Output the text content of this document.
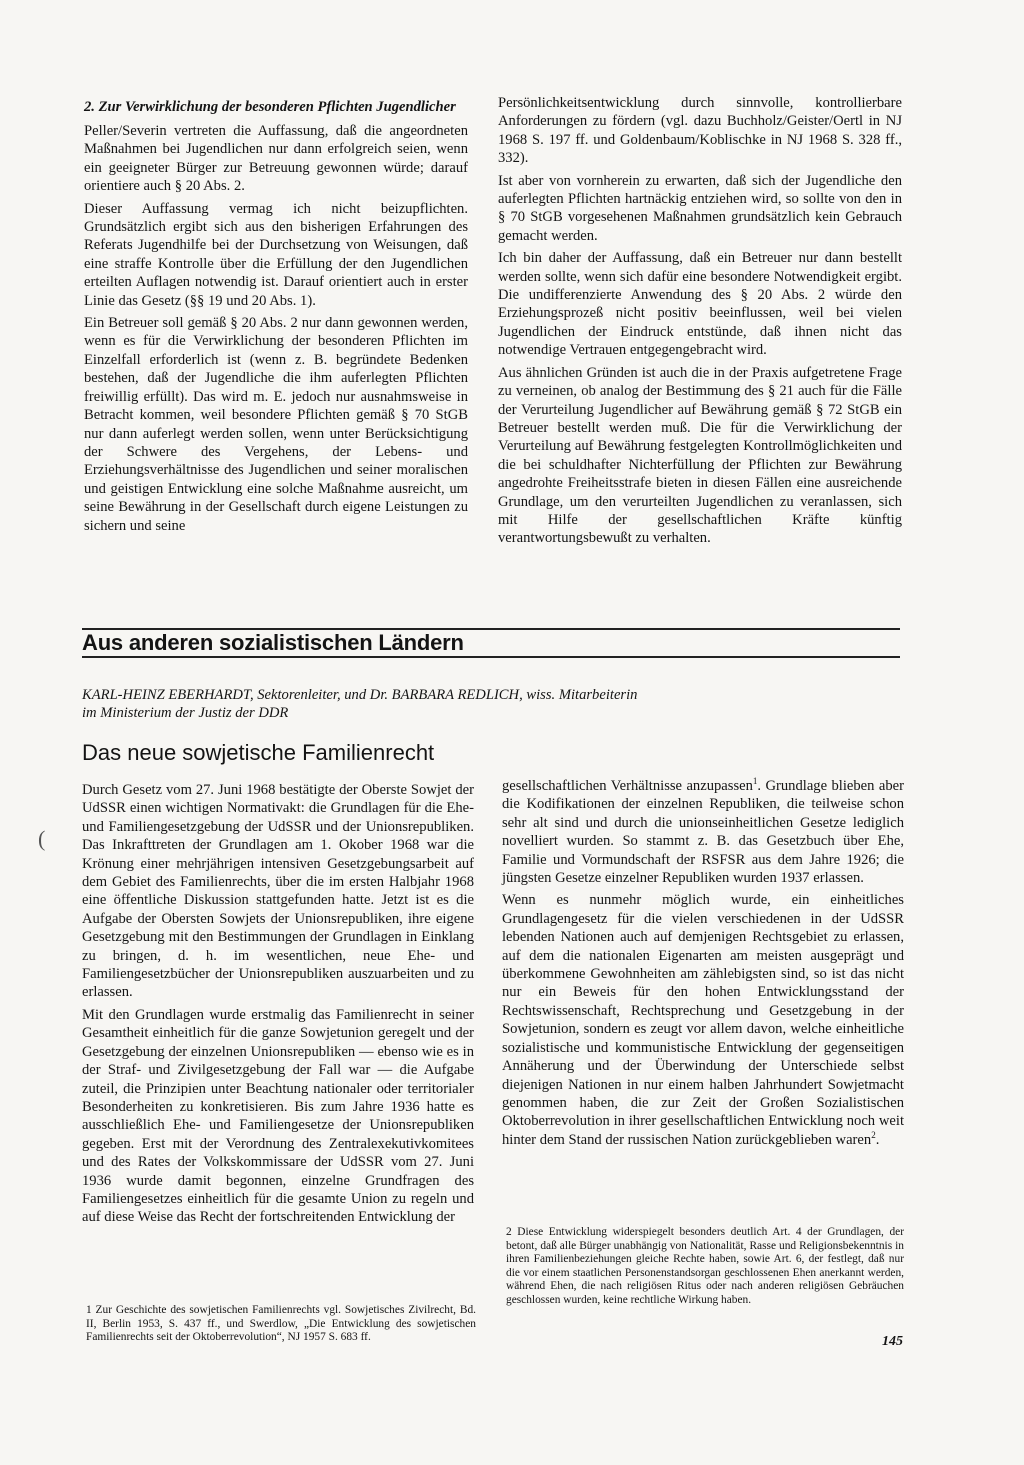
2. Zur Verwirklichung der besonderen Pflichten Jugendlicher

Peller/Severin vertreten die Auffassung, daß die angeordneten Maßnahmen bei Jugendlichen nur dann erfolgreich seien, wenn ein geeigneter Bürger zur Betreuung gewonnen würde; darauf orientiere auch § 20 Abs. 2.

Dieser Auffassung vermag ich nicht beizupflichten. Grundsätzlich ergibt sich aus den bisherigen Erfahrungen des Referats Jugendhilfe bei der Durchsetzung von Weisungen, daß eine straffe Kontrolle über die Erfüllung der den Jugendlichen erteilten Auflagen notwendig ist. Darauf orientiert auch in erster Linie das Gesetz (§§ 19 und 20 Abs. 1).

Ein Betreuer soll gemäß § 20 Abs. 2 nur dann gewonnen werden, wenn es für die Verwirklichung der besonderen Pflichten im Einzelfall erforderlich ist (wenn z. B. begründete Bedenken bestehen, daß der Jugendliche die ihm auferlegten Pflichten freiwillig erfüllt). Das wird m. E. jedoch nur ausnahmsweise in Betracht kommen, weil besondere Pflichten gemäß § 70 StGB nur dann auferlegt werden sollen, wenn unter Berücksichtigung der Schwere des Vergehens, der Lebens- und Erziehungsverhältnisse des Jugendlichen und seiner moralischen und geistigen Entwicklung eine solche Maßnahme ausreicht, um seine Bewährung in der Gesellschaft durch eigene Leistungen zu sichern und seine

Persönlichkeitsentwicklung durch sinnvolle, kontrollierbare Anforderungen zu fördern (vgl. dazu Buchholz/Geister/Oertl in NJ 1968 S. 197 ff. und Goldenbaum/Koblischke in NJ 1968 S. 328 ff., 332).

Ist aber von vornherein zu erwarten, daß sich der Jugendliche den auferlegten Pflichten hartnäckig entziehen wird, so sollte von den in § 70 StGB vorgesehenen Maßnahmen grundsätzlich kein Gebrauch gemacht werden.

Ich bin daher der Auffassung, daß ein Betreuer nur dann bestellt werden sollte, wenn sich dafür eine besondere Notwendigkeit ergibt. Die undifferenzierte Anwendung des § 20 Abs. 2 würde den Erziehungsprozeß nicht positiv beeinflussen, weil bei vielen Jugendlichen der Eindruck entstünde, daß ihnen nicht das notwendige Vertrauen entgegengebracht wird.

Aus ähnlichen Gründen ist auch die in der Praxis aufgetretene Frage zu verneinen, ob analog der Bestimmung des § 21 auch für die Fälle der Verurteilung Jugendlicher auf Bewährung gemäß § 72 StGB ein Betreuer bestellt werden muß. Die für die Verwirklichung der Verurteilung auf Bewährung festgelegten Kontrollmöglichkeiten und die bei schuldhafter Nichterfüllung der Pflichten zur Bewährung angedrohte Freiheitsstrafe bieten in diesen Fällen eine ausreichende Grundlage, um den verurteilten Jugendlichen zu veranlassen, sich mit Hilfe der gesellschaftlichen Kräfte künftig verantwortungsbewußt zu verhalten.

Aus anderen sozialistischen Ländern
KARL-HEINZ EBERHARDT, Sektorenleiter, und Dr. BARBARA REDLICH, wiss. Mitarbeiterin
im Ministerium der Justiz der DDR
Das neue sowjetische Familienrecht

Durch Gesetz vom 27. Juni 1968 bestätigte der Oberste Sowjet der UdSSR einen wichtigen Normativakt: die Grundlagen für die Ehe- und Familiengesetzgebung der UdSSR und der Unionsrepubliken. Das Inkrafttreten der Grundlagen am 1. Okober 1968 war die Krönung einer mehrjährigen intensiven Gesetzgebungsarbeit auf dem Gebiet des Familienrechts, über die im ersten Halbjahr 1968 eine öffentliche Diskussion stattgefunden hatte. Jetzt ist es die Aufgabe der Obersten Sowjets der Unionsrepubliken, ihre eigene Gesetzgebung mit den Bestimmungen der Grundlagen in Einklang zu bringen, d. h. im wesentlichen, neue Ehe- und Familiengesetzbücher der Unionsrepubliken auszuarbeiten und zu erlassen.

Mit den Grundlagen wurde erstmalig das Familienrecht in seiner Gesamtheit einheitlich für die ganze Sowjetunion geregelt und der Gesetzgebung der einzelnen Unionsrepubliken — ebenso wie es in der Straf- und Zivilgesetzgebung der Fall war — die Aufgabe zuteil, die Prinzipien unter Beachtung nationaler oder territorialer Besonderheiten zu konkretisieren. Bis zum Jahre 1936 hatte es ausschließlich Ehe- und Familiengesetze der Unionsrepubliken gegeben. Erst mit der Verordnung des Zentralexekutivkomitees und des Rates der Volkskommissare der UdSSR vom 27. Juni 1936 wurde damit begonnen, einzelne Grundfragen des Familiengesetzes einheitlich für die gesamte Union zu regeln und auf diese Weise das Recht der fortschreitenden Entwicklung der

gesellschaftlichen Verhältnisse anzupassen$^1$. Grundlage blieben aber die Kodifikationen der einzelnen Republiken, die teilweise schon sehr alt sind und durch die unionseinheitlichen Gesetze lediglich novelliert wurden. So stammt z. B. das Gesetzbuch über Ehe, Familie und Vormundschaft der RSFSR aus dem Jahre 1926; die jüngsten Gesetze einzelner Republiken wurden 1937 erlassen.

Wenn es nunmehr möglich wurde, ein einheitliches Grundlagengesetz für die vielen verschiedenen in der UdSSR lebenden Nationen auch auf demjenigen Rechtsgebiet zu erlassen, auf dem die nationalen Eigenarten am meisten ausgeprägt und überkommene Gewohnheiten am zählebigsten sind, so ist das nicht nur ein Beweis für den hohen Entwicklungsstand der Rechtswissenschaft, Rechtsprechung und Gesetzgebung in der Sowjetunion, sondern es zeugt vor allem davon, welche einheitliche sozialistische und kommunistische Entwicklung der gegenseitigen Annäherung und der Überwindung der Unterschiede selbst diejenigen Nationen in nur einem halben Jahrhundert Sowjetmacht genommen haben, die zur Zeit der Großen Sozialistischen Oktoberrevolution in ihrer gesellschaftlichen Entwicklung noch weit hinter dem Stand der russischen Nation zurückgeblieben waren$^2$.

2 Diese Entwicklung widerspiegelt besonders deutlich Art. 4 der Grundlagen, der betont, daß alle Bürger unabhängig von Nationalität, Rasse und Religionsbekenntnis in ihren Familienbeziehungen gleiche Rechte haben, sowie Art. 6, der festlegt, daß nur die vor einem staatlichen Personenstandsorgan geschlossenen Ehen anerkannt werden, während Ehen, die nach religiösen Ritus oder nach anderen religiösen Gebräuchen geschlossen wurden, keine rechtliche Wirkung haben.
1 Zur Geschichte des sowjetischen Familienrechts vgl. Sowjetisches Zivilrecht, Bd. II, Berlin 1953, S. 437 ff., und Swerdlow, „Die Entwicklung des sowjetischen Familienrechts seit der Oktoberrevolution“, NJ 1957 S. 683 ff.	145
(
